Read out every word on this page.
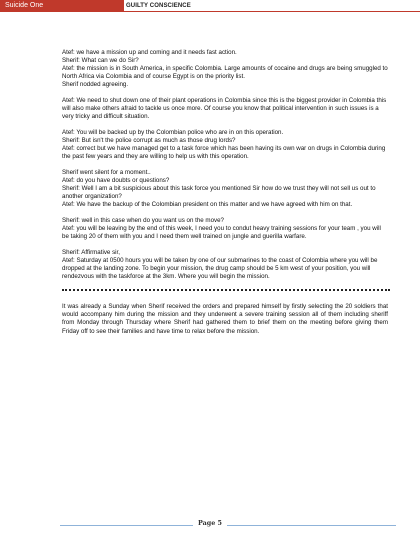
Suicide One	GUILTY CONSCIENCE

Atef: we have a mission up and coming and it needs fast action.
Sherif: What can we do Sir?
Atef: the mission is in South America, in specific Colombia. Large amounts of cocaine and drugs are being smuggled to North Africa via Colombia and of course Egypt is on the priority list.
Sherif nodded agreeing.

Atef: We need to shut down one of their plant operations in Colombia since this is the biggest provider in Colombia this will also make others afraid to tackle us once more. Of course you know that political intervention in such issues is a very tricky and difficult situation.

Atef: You will be backed up by the Colombian police who are in on this operation.
Sherif: But isn't the police corrupt as much as those drug lords?
Atef: correct but we have managed get to a task force which has been having its own war on drugs in Colombia during the past few years and they are willing to help us with this operation.

Sherif went silent for a moment..
Atef: do you have doubts or questions?
Sherif: Well I am a bit suspicious about this task force you mentioned Sir how do we trust they will not sell us out to another organization?
Atef: We have the backup of the Colombian president on this matter and we have agreed with him on that.

Sherif: well in this case when do you want us on the move?
Atef: you will be leaving by the end of this week, I need you to condut heavy training sessions for your team , you will be taking 20 of them with you and I need them well trained on jungle and guerilla warfare.

Sherif: Affirmative sir,
Atef: Saturday at 0500 hours you will be taken by one of our submarines to the coast of Colombia where you will be dropped at the landing zone. To begin your mission, the drug camp should be 5 km west of your position, you will rendezvous with the taskforce at the 3km. Where you will begin the mission.

It was already a Sunday when Sherif received the orders and prepared himself by firstly selecting the 20 soldiers that would accompany him during the mission and they underwent a severe training session all of them including sheriff from Monday through Thursday where Sherif had gathered them to brief them on the meeting before giving them Friday off to see their families and have time to relax before the mission.

Page 5
